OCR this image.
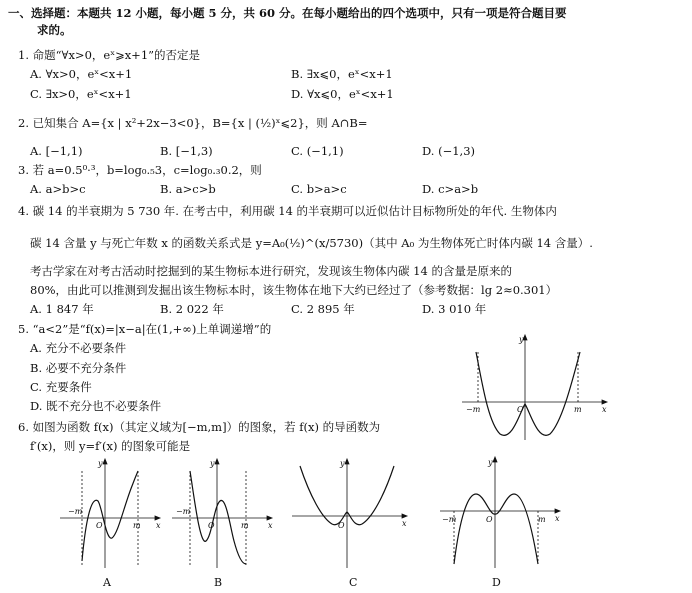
一、选择题：本题共 12 小题，每小题 5 分，共 60 分。在每小题给出的四个选项中，只有一项是符合题目要
求的。
1. 命题“∀x>0，eˣ⩾x+1”的否定是
A. ∀x>0，eˣ<x+1	B. ∃x⩽0，eˣ<x+1
C. ∃x>0，eˣ<x+1	D. ∀x⩽0，eˣ<x+1
2. 已知集合 A={x | x²+2x−3<0}，B={x | (½)ˣ⩽2}，则 A∩B=
A. [−1,1)	B. [−1,3)	C. (−1,1)	D. (−1,3)
3. 若 a=0.5⁰·³，b=log₀.₅3，c=log₀.₃0.2，则
A. a>b>c	B. a>c>b	C. b>a>c	D. c>a>b
4. 碳 14 的半衰期为 5 730 年. 在考古中，利用碳 14 的半衰期可以近似估计目标物所处的年代. 生物体内
碳 14 含量 y 与死亡年数 x 的函数关系式是 y=A₀(½)^(x/5730)（其中 A₀ 为生物体死亡时体内碳 14 含量）.
考古学家在对考古活动时挖掘到的某生物标本进行研究，发现该生物体内碳 14 的含量是原来的
80%，由此可以推测到发掘出该生物标本时，该生物体在地下大约已经过了（参考数据：lg 2≈0.301）
A. 1 847 年	B. 2 022 年	C. 2 895 年	D. 3 010 年
5. “a<2”是“f(x)=|x−a|在(1,+∞)上单调递增”的
A. 充分不必要条件
B. 必要不充分条件
C. 充要条件
D. 既不充分也不必要条件
6. 如图为函数 f(x)（其定义域为[−m,m]）的图象，若 f(x) 的导函数为
f′(x)，则 y=f′(x) 的图象可能是
y
x
O
−m	m
y
x
O
−m
m
y
x
O
−m
m
y
x
O
y
x
O
−m	m
A	B	C	D
